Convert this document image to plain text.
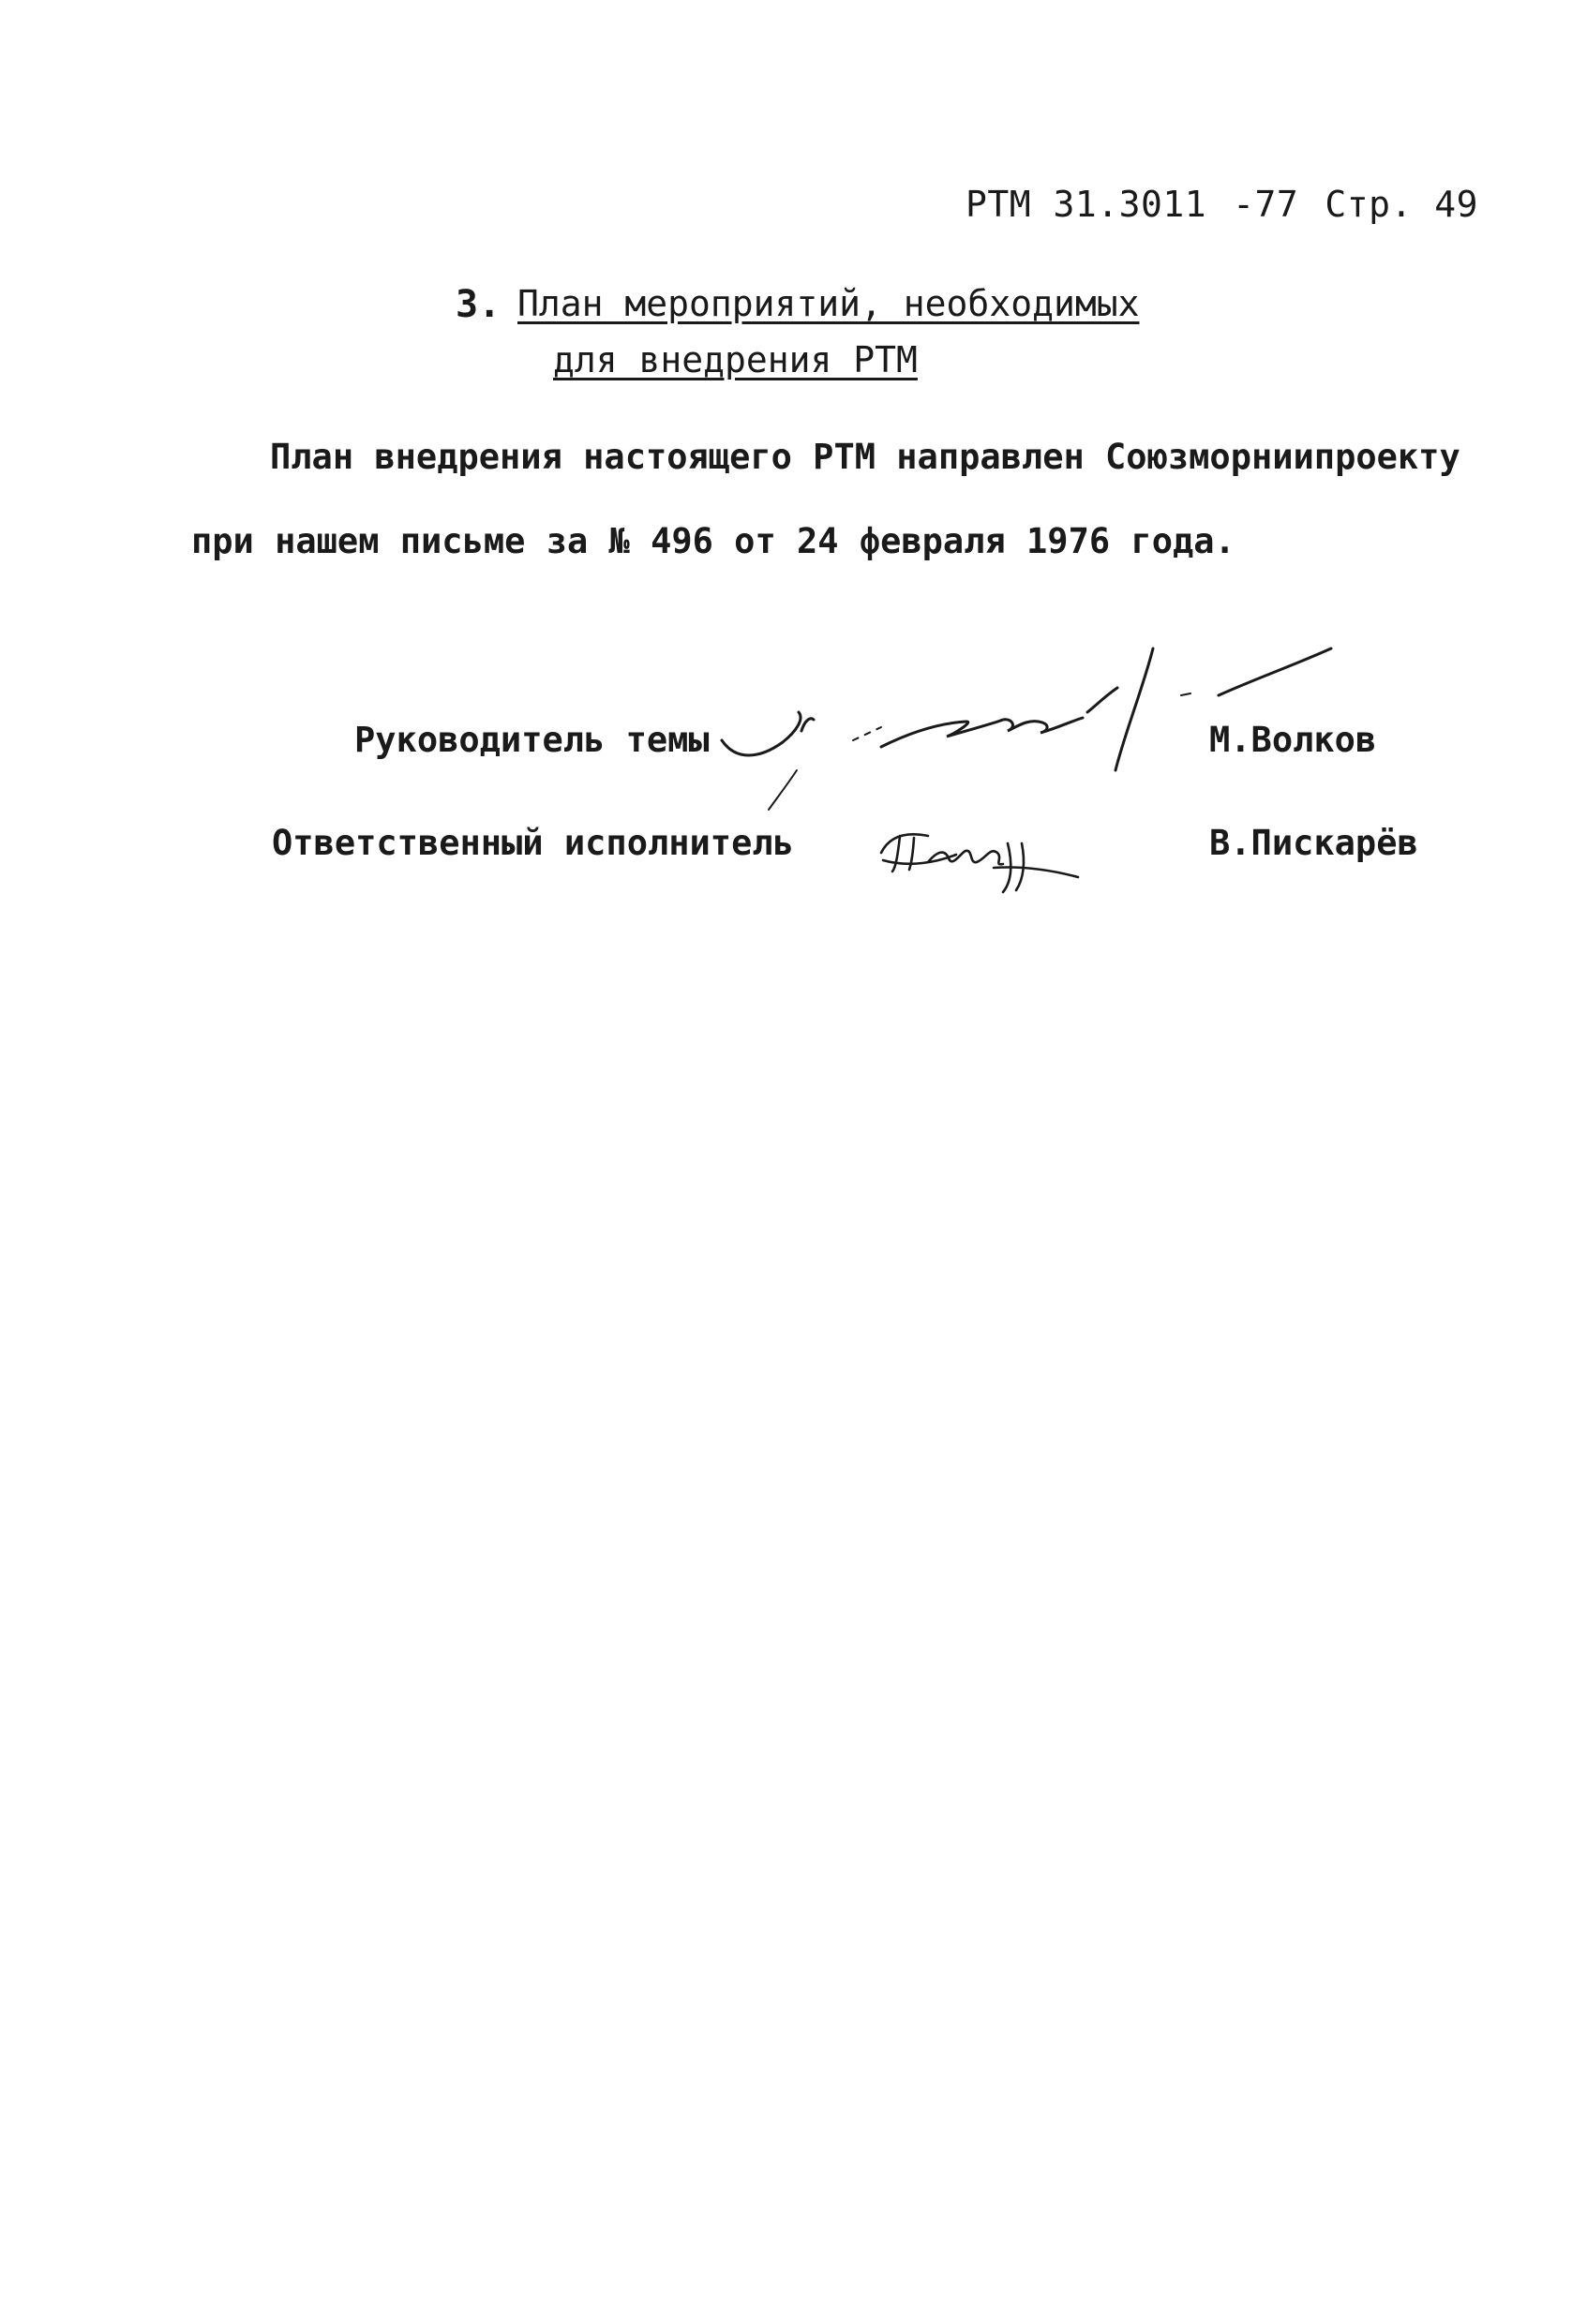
РТМ 31.3011 -77 Стр. 49
3. План мероприятий, необходимых
для внедрения РТМ
План внедрения настоящего РТМ направлен Союзморниипроекту
при нашем письме за № 496 от 24 февраля 1976 года.
Руководитель темы	М.Волков
Ответственный исполнитель	В.Пискарёв
